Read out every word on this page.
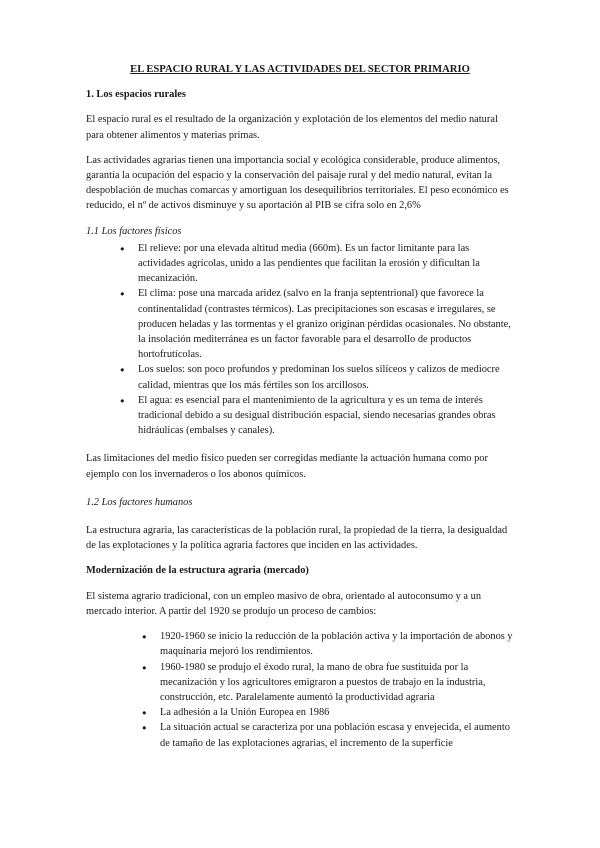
EL ESPACIO RURAL Y LAS ACTIVIDADES DEL SECTOR PRIMARIO
1. Los espacios rurales

El espacio rural es el resultado de la organización y explotación de los elementos del medio natural para obtener alimentos y materias primas.

Las actividades agrarias tienen una importancia social y ecológica considerable, produce alimentos, garantía la ocupación del espacio y la conservación del paisaje rural y del medio natural, evitan la despoblación de muchas comarcas y amortiguan los desequilibrios territoriales. El peso económico es reducido, el nº de activos disminuye y su aportación al PIB se cifra solo en 2,6%

1.1 Los factores físicos
● El relieve: por una elevada altitud media (660m). Es un factor limitante para las actividades agrícolas, unido a las pendientes que facilitan la erosión y dificultan la mecanización.
● El clima: pose una marcada aridez (salvo en la franja septentrional) que favorece la continentalidad (contrastes térmicos). Las precipitaciones son escasas e irregulares, se producen heladas y las tormentas y el granizo originan pérdidas ocasionales. No obstante, la insolación mediterránea es un factor favorable para el desarrollo de productos hortofrutícolas.
● Los suelos: son poco profundos y predominan los suelos silíceos y calizos de mediocre calidad, mientras que los más fértiles son los arcillosos.
● El agua: es esencial para el mantenimiento de la agricultura y es un tema de interés tradicional debido a su desigual distribución espacial, siendo necesarias grandes obras hidráulicas (embalses y canales).

Las limitaciones del medio físico pueden ser corregidas mediante la actuación humana como por ejemplo con los invernaderos o los abonos químicos.

1.2 Los factores humanos

La estructura agraria, las características de la población rural, la propiedad de la tierra, la desigualdad de las explotaciones y la política agraria factores que inciden en las actividades.

Modernización de la estructura agraria (mercado)

El sistema agrario tradicional, con un empleo masivo de obra, orientado al autoconsumo y a un mercado interior. A partir del 1920 se produjo un proceso de cambios:

● 1920-1960 se inicio la reducción de la población activa y la importación de abonos y maquinaria mejoró los rendimientos.
● 1960-1980 se produjo el éxodo rural, la mano de obra fue sustituida por la mecanización y los agricultores emigraron a puestos de trabajo en la industria, construcción, etc. Paralelamente aumentó la productividad agraria
● La adhesión a la Unión Europea en 1986
● La situación actual se caracteriza por una población escasa y envejecida, el aumento de tamaño de las explotaciones agrarias, el incremento de la superficie
